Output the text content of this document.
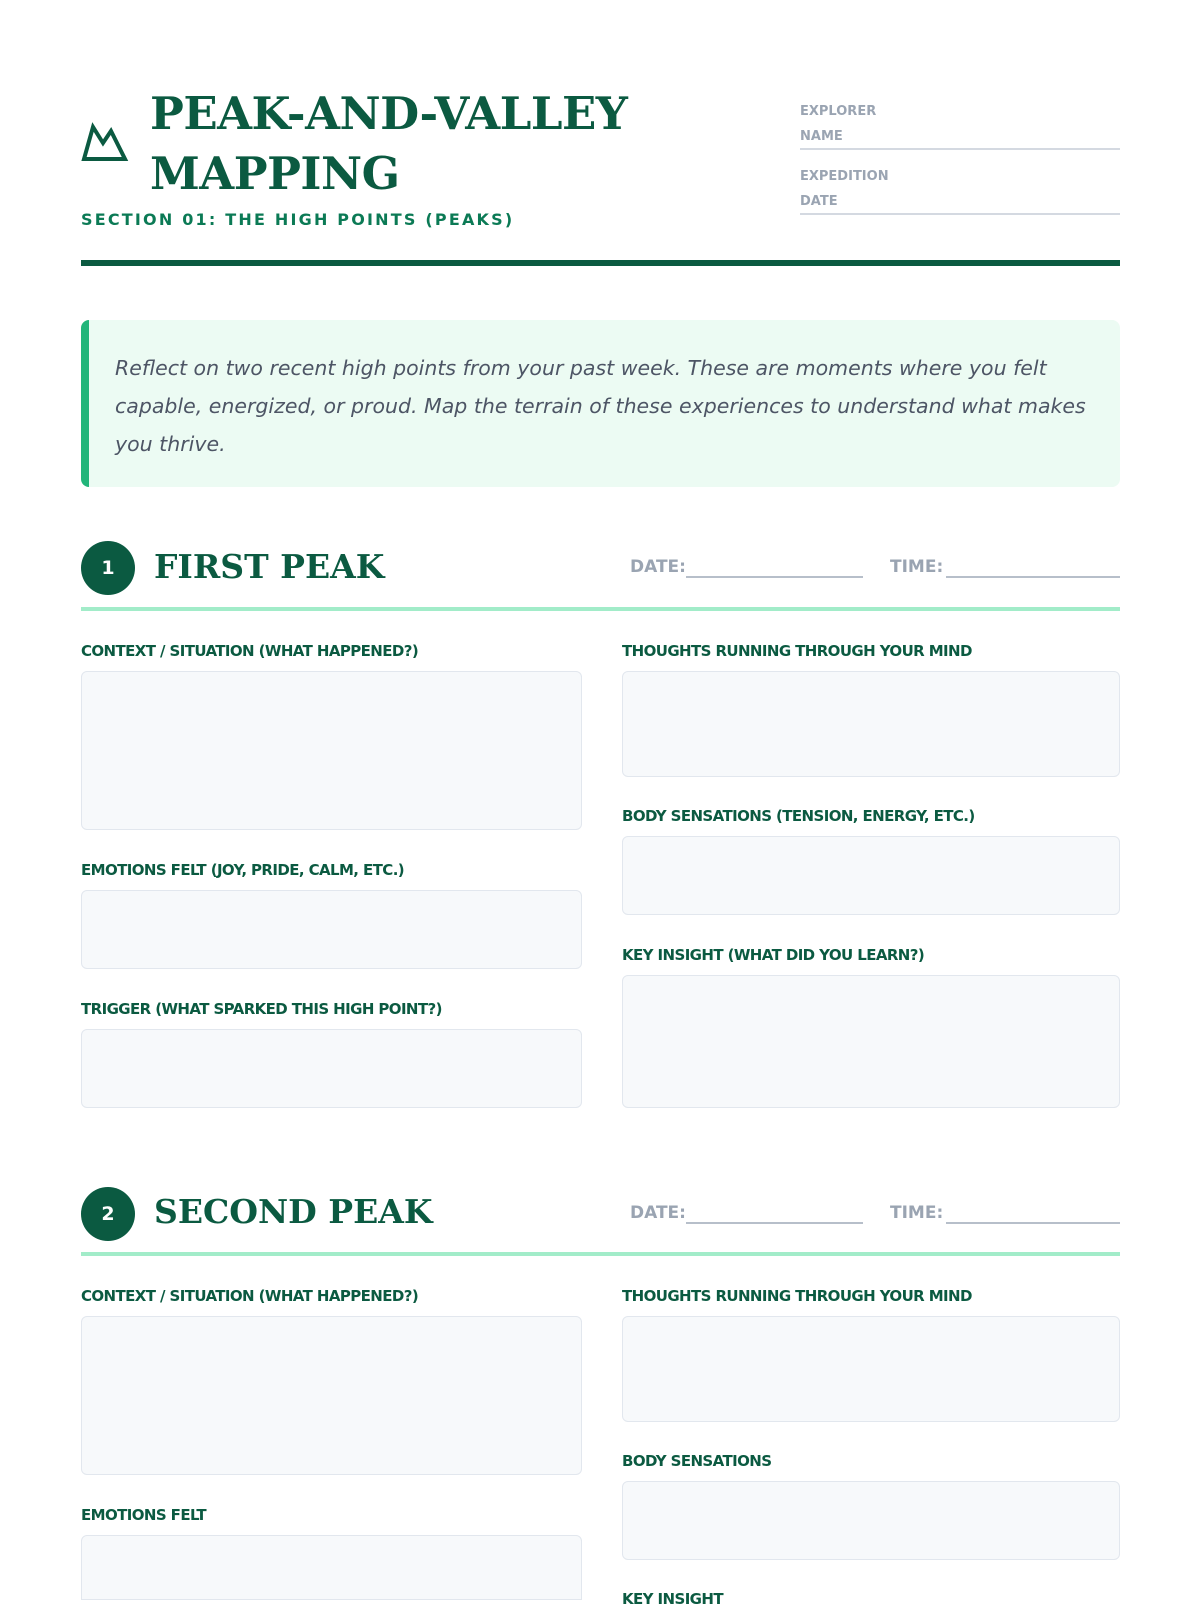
PEAK-AND-VALLEY
MAPPING
SECTION 01: THE HIGH POINTS (PEAKS)
EXPLORER
NAME
EXPEDITION
DATE
Reflect on two recent high points from your past week. These are moments where you felt capable, energized, or proud. Map the terrain of these experiences to understand what makes you thrive.
1	FIRST PEAK	DATE:	TIME:
CONTEXT / SITUATION (WHAT HAPPENED?)
EMOTIONS FELT (JOY, PRIDE, CALM, ETC.)
TRIGGER (WHAT SPARKED THIS HIGH POINT?)
THOUGHTS RUNNING THROUGH YOUR MIND
BODY SENSATIONS (TENSION, ENERGY, ETC.)
KEY INSIGHT (WHAT DID YOU LEARN?)
2	SECOND PEAK	DATE:	TIME:
CONTEXT / SITUATION (WHAT HAPPENED?)
EMOTIONS FELT
THOUGHTS RUNNING THROUGH YOUR MIND
BODY SENSATIONS
KEY INSIGHT
